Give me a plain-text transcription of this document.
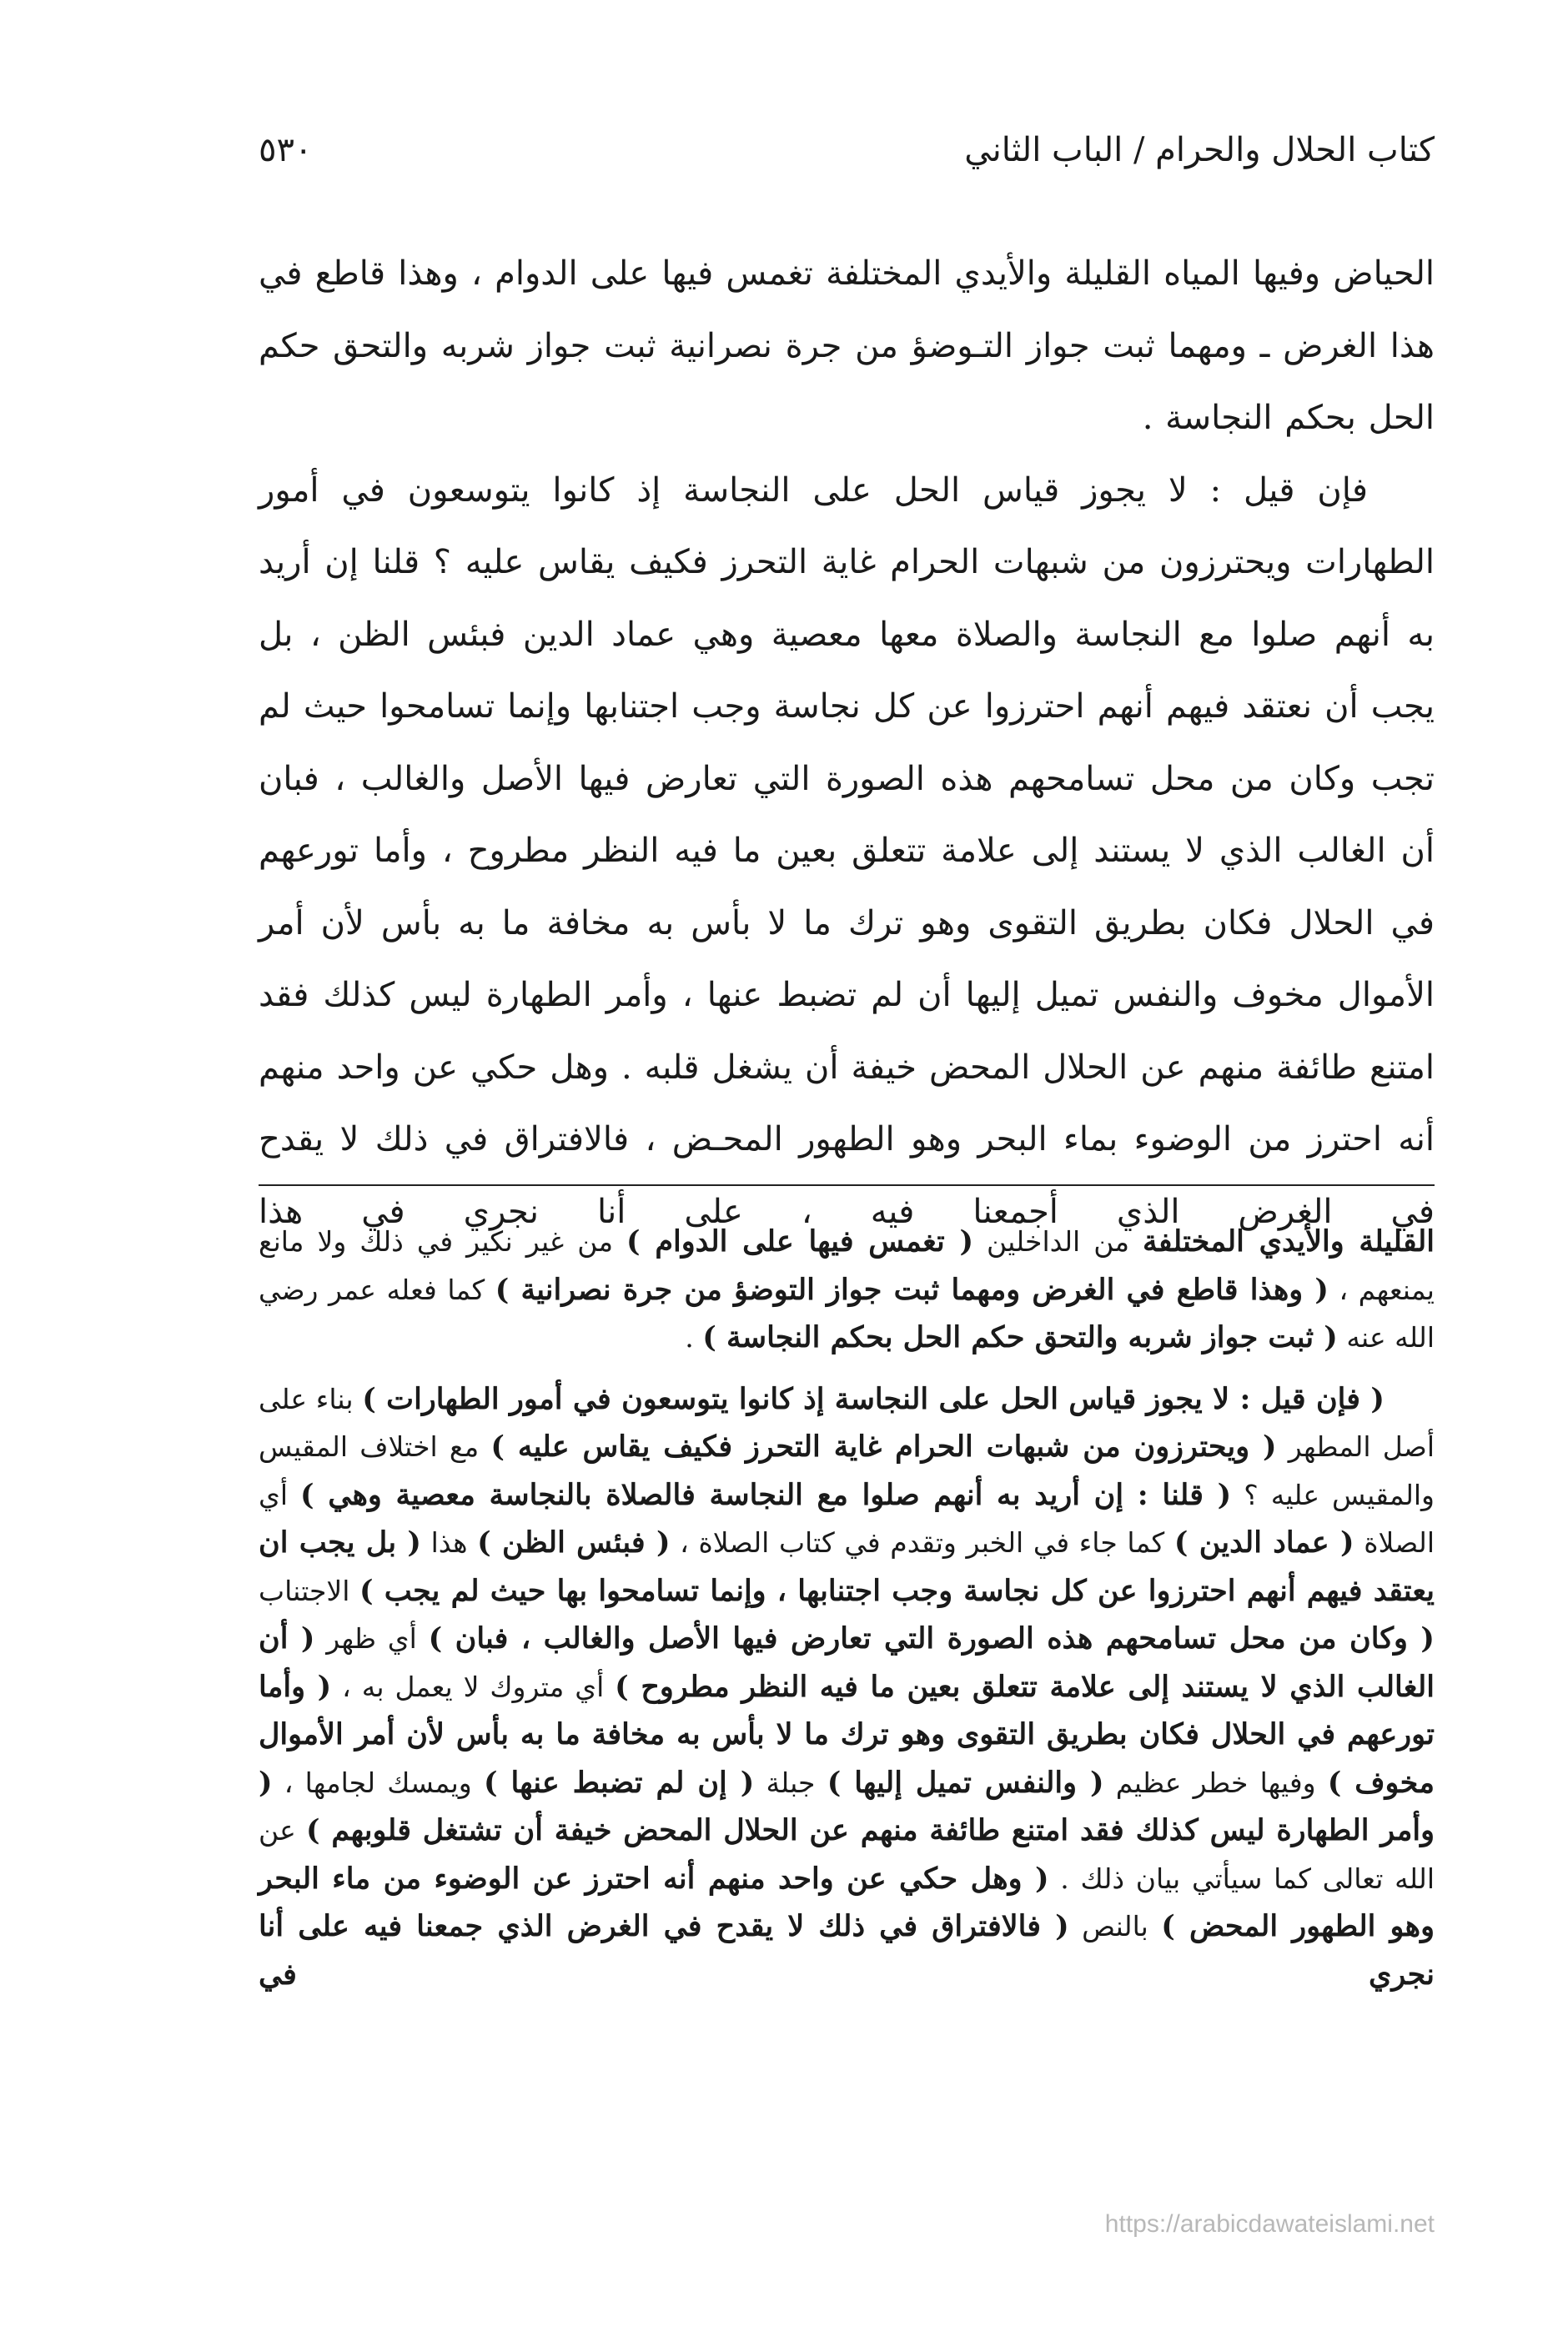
٥٣٠	كتاب الحلال والحرام / الباب الثاني

الحياض وفيها المياه القليلة والأيدي المختلفة تغمس فيها على الدوام ، وهذا قاطع في هذا الغرض ـ ومهما ثبت جواز التـوضؤ من جرة نصرانية ثبت جواز شربه والتحق حكم الحل بحكم النجاسة .

فإن قيل : لا يجوز قياس الحل على النجاسة إذ كانوا يتوسعون في أمور الطهارات ويحترزون من شبهات الحرام غاية التحرز فكيف يقاس عليه ؟ قلنا إن أريد به أنهم صلوا مع النجاسة والصلاة معها معصية وهي عماد الدين فبئس الظن ، بل يجب أن نعتقد فيهم أنهم احترزوا عن كل نجاسة وجب اجتنابها وإنما تسامحوا حيث لم تجب وكان من محل تسامحهم هذه الصورة التي تعارض فيها الأصل والغالب ، فبان أن الغالب الذي لا يستند إلى علامة تتعلق بعين ما فيه النظر مطروح ، وأما تورعهم في الحلال فكان بطريق التقوى وهو ترك ما لا بأس به مخافة ما به بأس لأن أمر الأموال مخوف والنفس تميل إليها أن لم تضبط عنها ، وأمر الطهارة ليس كذلك فقد امتنع طائفة منهم عن الحلال المحض خيفة أن يشغل قلبه . وهل حكي عن واحد منهم أنه احترز من الوضوء بماء البحر وهو الطهور المحـض ، فالافتراق في ذلك لا يقدح في الغرض الذي أجمعنا فيه ، على أنا نجري في هذا

القليلة والأيدي المختلفة من الداخلين ( تغمس فيها على الدوام ) من غير نكير في ذلك ولا مانع يمنعهم ، ( وهذا قاطع في الغرض ومهما ثبت جواز التوضؤ من جرة نصرانية ) كما فعله عمر رضي الله عنه ( ثبت جواز شربه والتحق حكم الحل بحكم النجاسة ) .

( فإن قيل : لا يجوز قياس الحل على النجاسة إذ كانوا يتوسعون في أمور الطهارات ) بناء على أصل المطهر ( ويحترزون من شبهات الحرام غاية التحرز فكيف يقاس عليه ) مع اختلاف المقيس والمقيس عليه ؟ ( قلنا : إن أريد به أنهم صلوا مع النجاسة فالصلاة بالنجاسة معصية وهي ) أي الصلاة ( عماد الدين ) كما جاء في الخبر وتقدم في كتاب الصلاة ، ( فبئس الظن ) هذا ( بل يجب ان يعتقد فيهم أنهم احترزوا عن كل نجاسة وجب اجتنابها ، وإنما تسامحوا بها حيث لم يجب ) الاجتناب ( وكان من محل تسامحهم هذه الصورة التي تعارض فيها الأصل والغالب ، فبان ) أي ظهر ( أن الغالب الذي لا يستند إلى علامة تتعلق بعين ما فيه النظر مطروح ) أي متروك لا يعمل به ، ( وأما تورعهم في الحلال فكان بطريق التقوى وهو ترك ما لا بأس به مخافة ما به بأس لأن أمر الأموال مخوف ) وفيها خطر عظيم ( والنفس تميل إليها ) جبلة ( إن لم تضبط عنها ) ويمسك لجامها ، ( وأمر الطهارة ليس كذلك فقد امتنع طائفة منهم عن الحلال المحض خيفة أن تشتغل قلوبهم ) عن الله تعالى كما سيأتي بيان ذلك . ( وهل حكي عن واحد منهم أنه احترز عن الوضوء من ماء البحر وهو الطهور المحض ) بالنص ( فالافتراق في ذلك لا يقدح في الغرض الذي جمعنا فيه على أنا نجري في

https://arabicdawateislami.net
